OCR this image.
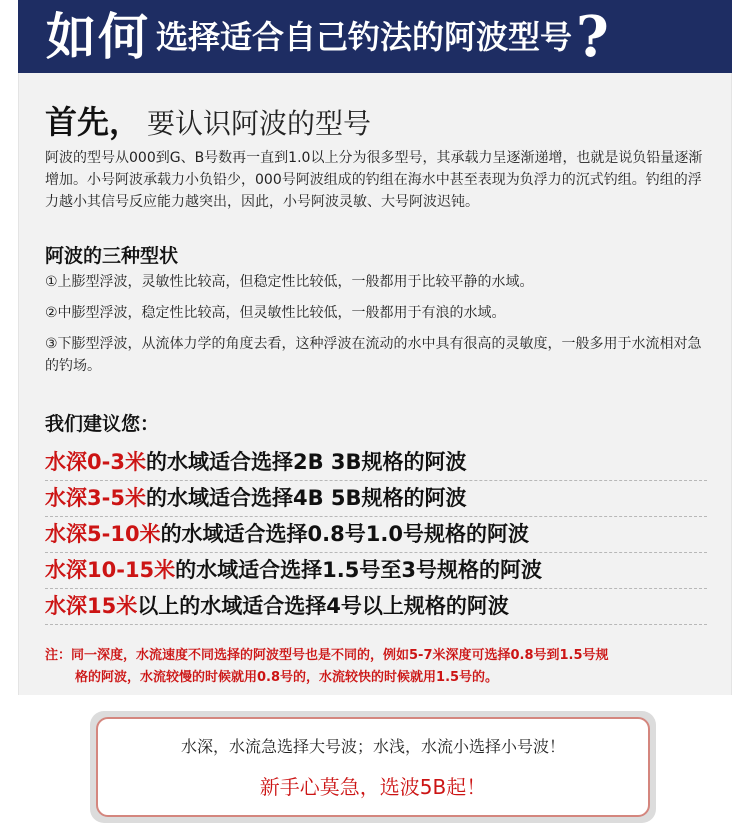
如何 选择适合自己钓法的阿波型号 ?
首先， 要认识阿波的型号

阿波的型号从000到G、B号数再一直到1.0以上分为很多型号，其承载力呈逐渐递增，也就是说负铅量逐渐增加。小号阿波承载力小负铅少，000号阿波组成的钓组在海水中甚至表现为负浮力的沉式钓组。钓组的浮力越小其信号反应能力越突出，因此，小号阿波灵敏、大号阿波迟钝。

阿波的三种型状

①上膨型浮波，灵敏性比较高，但稳定性比较低，一般都用于比较平静的水域。

②中膨型浮波，稳定性比较高，但灵敏性比较低，一般都用于有浪的水域。

③下膨型浮波，从流体力学的角度去看，这种浮波在流动的水中具有很高的灵敏度，一般多用于水流相对急的钓场。

我们建议您：
水深0-3米的水域适合选择2B 3B规格的阿波
水深3-5米的水域适合选择4B 5B规格的阿波
水深5-10米的水域适合选择0.8号1.0号规格的阿波
水深10-15米的水域适合选择1.5号至3号规格的阿波
水深15米以上的水域适合选择4号以上规格的阿波

注：同一深度，水流速度不同选择的阿波型号也是不同的，例如5-7米深度可选择0.8号到1.5号规
格的阿波，水流较慢的时候就用0.8号的，水流较快的时候就用1.5号的。

水深，水流急选择大号波；水浅，水流小选择小号波！
新手心莫急，选波5B起！
